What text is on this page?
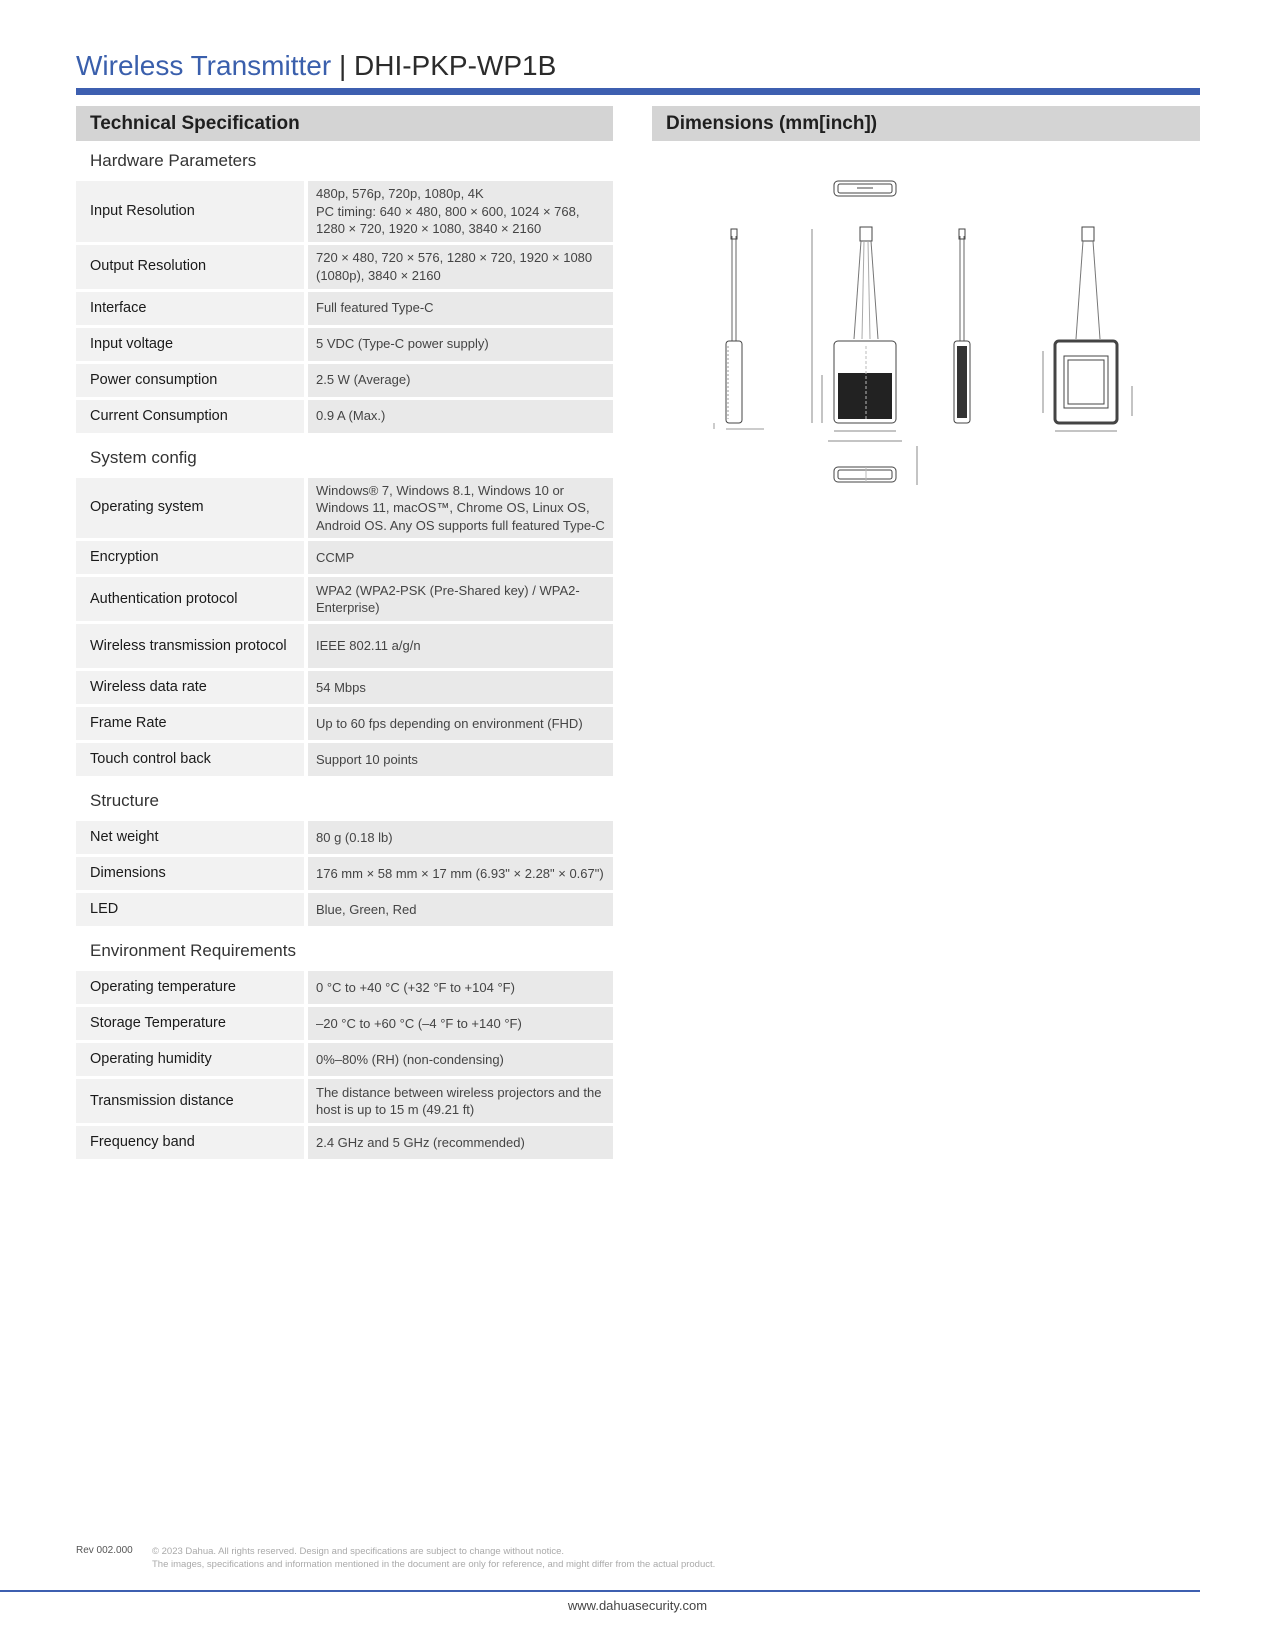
Wireless Transmitter | DHI-PKP-WP1B
Technical Specification
Hardware Parameters
Input Resolution	480p, 576p, 720p, 1080p, 4K
PC timing: 640 × 480, 800 × 600, 1024 × 768, 1280 × 720, 1920 × 1080, 3840 × 2160
Output Resolution	720 × 480, 720 × 576, 1280 × 720, 1920 × 1080 (1080p), 3840 × 2160
Interface	Full featured Type-C
Input voltage	5 VDC (Type-C power supply)
Power consumption	2.5 W (Average)
Current Consumption	0.9 A (Max.)
System config
Operating system	Windows® 7, Windows 8.1, Windows 10 or Windows 11, macOS™, Chrome OS, Linux OS, Android OS. Any OS supports full featured Type-C
Encryption	CCMP
Authentication protocol	WPA2 (WPA2-PSK (Pre-Shared key) / WPA2-Enterprise)
Wireless transmission protocol	IEEE 802.11 a/g/n
Wireless data rate	54 Mbps
Frame Rate	Up to 60 fps depending on environment (FHD)
Touch control back	Support 10 points
Structure
Net weight	80 g (0.18 lb)
Dimensions	176 mm × 58 mm × 17 mm (6.93" × 2.28" × 0.67")
LED	Blue, Green, Red
Environment Requirements
Operating temperature	0 °C to +40 °C (+32 °F to +104 °F)
Storage Temperature	–20 °C to +60 °C (–4 °F to +140 °F)
Operating humidity	0%–80% (RH) (non-condensing)
Transmission distance	The distance between wireless projectors and the host is up to 15 m (49.21 ft)
Frequency band	2.4 GHz and 5 GHz (recommended)
Dimensions (mm[inch])
Rev 002.000 © 2023 Dahua. All rights reserved. Design and specifications are subject to change without notice.
The images, specifications and information mentioned in the document are only for reference, and might differ from the actual product.
www.dahuasecurity.com
